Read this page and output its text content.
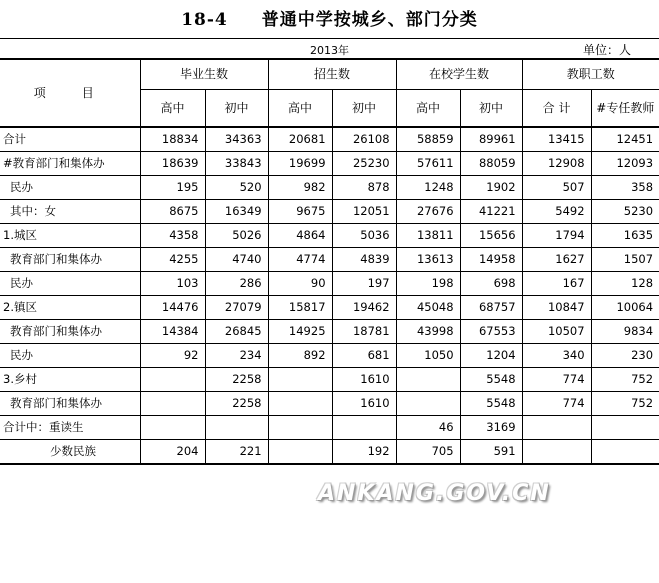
18-4 普通中学按城乡、部门分类
2013年	单位：人
项　目	毕业生数		招生数		在校学生数		教职工数	
	高中	初中	高中	初中	高中	初中	合 计	#专任教师
合计	18834	34363	20681	26108	58859	89961	13415	12451
#教育部门和集体办	18639	33843	19699	25230	57611	88059	12908	12093
民办	195	520	982	878	1248	1902	507	358
其中：女	8675	16349	9675	12051	27676	41221	5492	5230
1.城区	4358	5026	4864	5036	13811	15656	1794	1635
教育部门和集体办	4255	4740	4774	4839	13613	14958	1627	1507
民办	103	286	90	197	198	698	167	128
2.镇区	14476	27079	15817	19462	45048	68757	10847	10064
教育部门和集体办	14384	26845	14925	18781	43998	67553	10507	9834
民办	92	234	892	681	1050	1204	340	230
3.乡村		2258		1610		5548	774	752
教育部门和集体办		2258		1610		5548	774	752
合计中：重读生					46	3169		
少数民族	204	221		192	705	591		
ANKANG.GOV.CN
